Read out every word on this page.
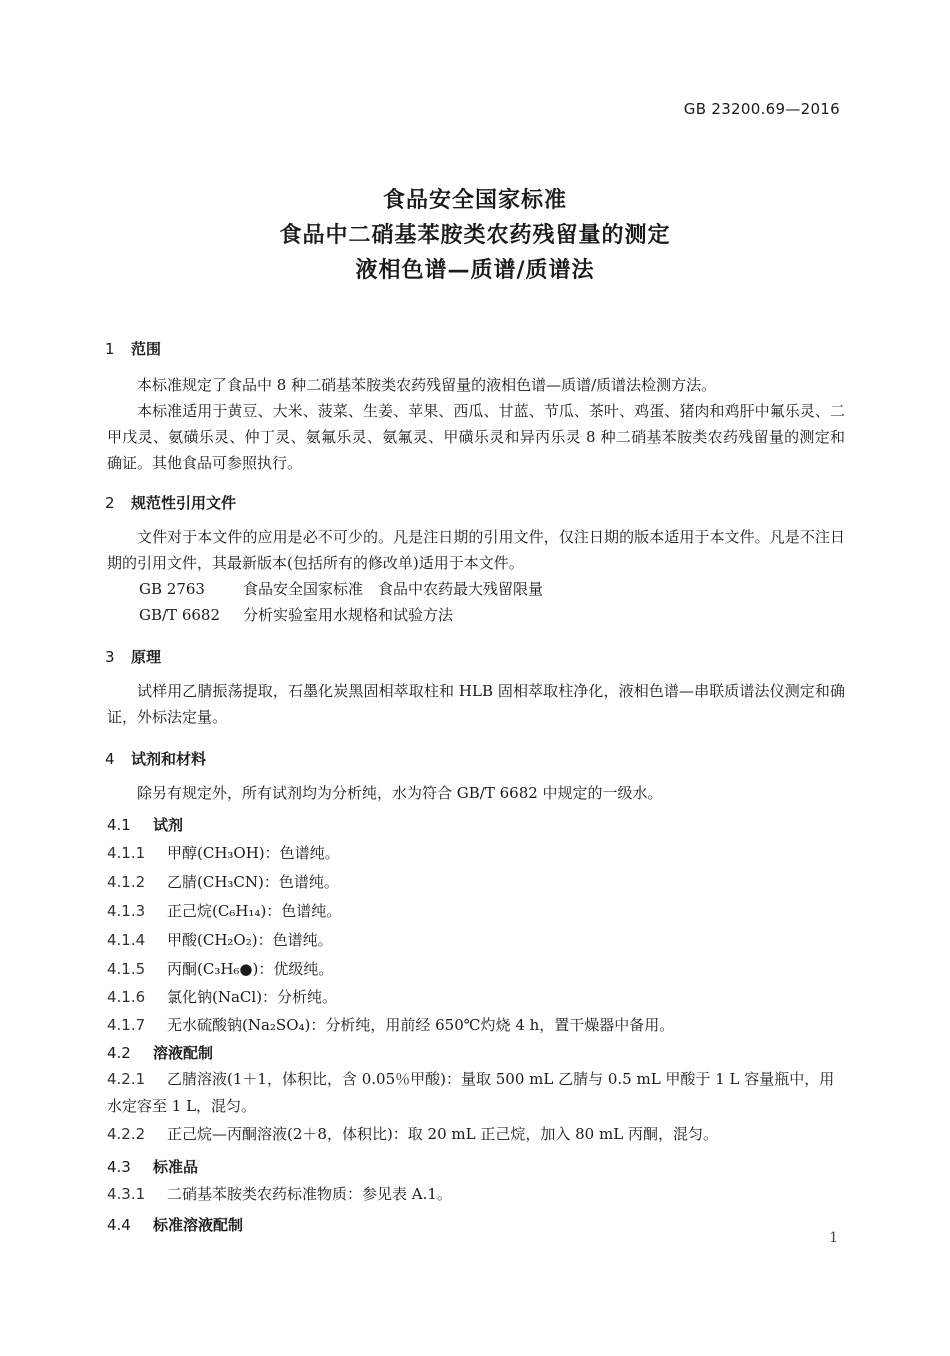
GB 23200.69—2016
食品安全国家标准
食品中二硝基苯胺类农药残留量的测定
液相色谱—质谱/质谱法
1 范围
本标准规定了食品中 8 种二硝基苯胺类农药残留量的液相色谱—质谱/质谱法检测方法。
本标准适用于黄豆、大米、菠菜、生姜、苹果、西瓜、甘蓝、节瓜、茶叶、鸡蛋、猪肉和鸡肝中氟乐灵、二甲戊灵、氨磺乐灵、仲丁灵、氨氟乐灵、氨氟灵、甲磺乐灵和异丙乐灵 8 种二硝基苯胺类农药残留量的测定和确证。其他食品可参照执行。
2 规范性引用文件
文件对于本文件的应用是必不可少的。凡是注日期的引用文件，仅注日期的版本适用于本文件。凡是不注日期的引用文件，其最新版本(包括所有的修改单)适用于本文件。
GB 2763	食品安全国家标准　食品中农药最大残留限量
GB/T 6682 分析实验室用水规格和试验方法
3 原理
试样用乙腈振荡提取，石墨化炭黑固相萃取柱和 HLB 固相萃取柱净化，液相色谱—串联质谱法仪测定和确证，外标法定量。
4 试剂和材料
除另有规定外，所有试剂均为分析纯，水为符合 GB/T 6682 中规定的一级水。
4.1 试剂
4.1.1 甲醇(CH₃OH)：色谱纯。
4.1.2 乙腈(CH₃CN)：色谱纯。
4.1.3 正己烷(C₆H₁₄)：色谱纯。
4.1.4 甲酸(CH₂O₂)：色谱纯。
4.1.5 丙酮(C₃H₆●)：优级纯。
4.1.6 氯化钠(NaCl)：分析纯。
4.1.7 无水硫酸钠(Na₂SO₄)：分析纯，用前经 650℃灼烧 4 h，置干燥器中备用。
4.2 溶液配制
4.2.1 乙腈溶液(1＋1，体积比，含 0.05％甲酸)：量取 500 mL 乙腈与 0.5 mL 甲酸于 1 L 容量瓶中，用水定容至 1 L，混匀。
4.2.2 正己烷—丙酮溶液(2＋8，体积比)：取 20 mL 正己烷，加入 80 mL 丙酮，混匀。
4.3 标准品
4.3.1 二硝基苯胺类农药标准物质：参见表 A.1。
4.4 标准溶液配制
1
